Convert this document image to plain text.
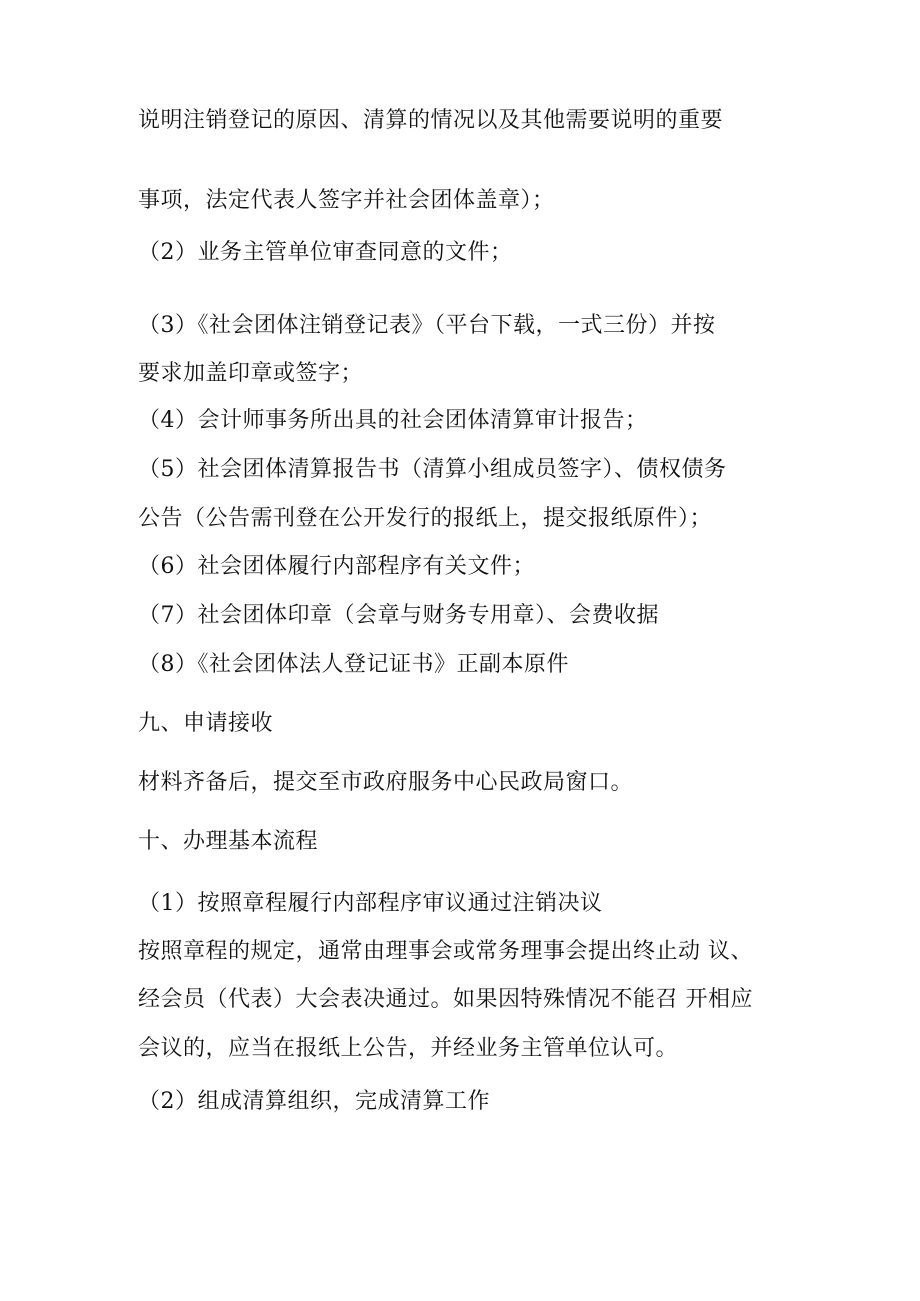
说明注销登记的原因、清算的情况以及其他需要说明的重要

事项，法定代表人签字并社会团体盖章）；

（2）业务主管单位审查同意的文件；

（3）《社会团体注销登记表》（平台下载，一式三份）并按

要求加盖印章或签字；

（4）会计师事务所出具的社会团体清算审计报告；

（5）社会团体清算报告书（清算小组成员签字）、债权债务

公告（公告需刊登在公开发行的报纸上，提交报纸原件）；

（6）社会团体履行内部程序有关文件；

（7）社会团体印章（会章与财务专用章）、会费收据

（8）《社会团体法人登记证书》正副本原件

九、申请接收

材料齐备后，提交至市政府服务中心民政局窗口。

十、办理基本流程

（1）按照章程履行内部程序审议通过注销决议

按照章程的规定，通常由理事会或常务理事会提出终止动 议、

经会员（代表）大会表决通过。如果因特殊情况不能召 开相应

会议的，应当在报纸上公告，并经业务主管单位认可。

（2）组成清算组织，完成清算工作
